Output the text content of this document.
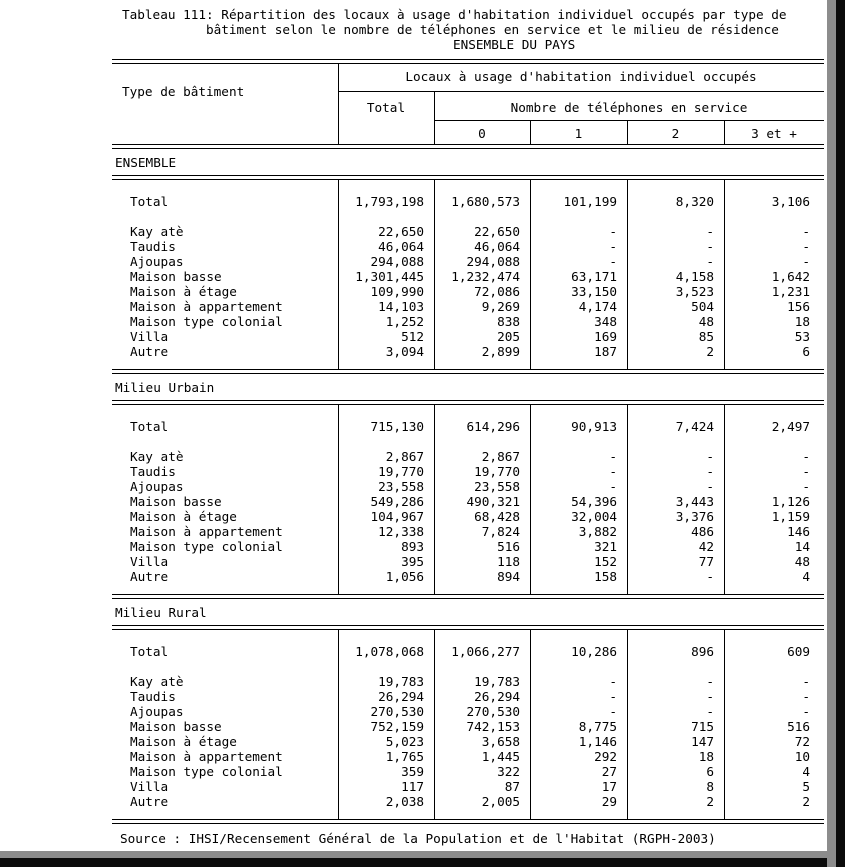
Tableau 111: Répartition des locaux à usage d'habitation individuel occupés par type de
bâtiment selon le nombre de téléphones en service et le milieu de résidence
ENSEMBLE DU PAYS
Type de bâtiment
Locaux à usage d'habitation individuel occupés
Total	Nombre de téléphones en service
0	1	2	3 et +
ENSEMBLE
Total	1,793,198	1,680,573	101,199	8,320	3,106
Kay atè	22,650	22,650	-	-	-
Taudis	46,064	46,064	-	-	-
Ajoupas	294,088	294,088	-	-	-
Maison basse	1,301,445	1,232,474	63,171	4,158	1,642
Maison à étage	109,990	72,086	33,150	3,523	1,231
Maison à appartement	14,103	9,269	4,174	504	156
Maison type colonial	1,252	838	348	48	18
Villa	512	205	169	85	53
Autre	3,094	2,899	187	2	6
Milieu Urbain
Total	715,130	614,296	90,913	7,424	2,497
Kay atè	2,867	2,867	-	-	-
Taudis	19,770	19,770	-	-	-
Ajoupas	23,558	23,558	-	-	-
Maison basse	549,286	490,321	54,396	3,443	1,126
Maison à étage	104,967	68,428	32,004	3,376	1,159
Maison à appartement	12,338	7,824	3,882	486	146
Maison type colonial	893	516	321	42	14
Villa	395	118	152	77	48
Autre	1,056	894	158	-	4
Milieu Rural
Total	1,078,068	1,066,277	10,286	896	609
Kay atè	19,783	19,783	-	-	-
Taudis	26,294	26,294	-	-	-
Ajoupas	270,530	270,530	-	-	-
Maison basse	752,159	742,153	8,775	715	516
Maison à étage	5,023	3,658	1,146	147	72
Maison à appartement	1,765	1,445	292	18	10
Maison type colonial	359	322	27	6	4
Villa	117	87	17	8	5
Autre	2,038	2,005	29	2	2
Source : IHSI/Recensement Général de la Population et de l'Habitat (RGPH-2003)
